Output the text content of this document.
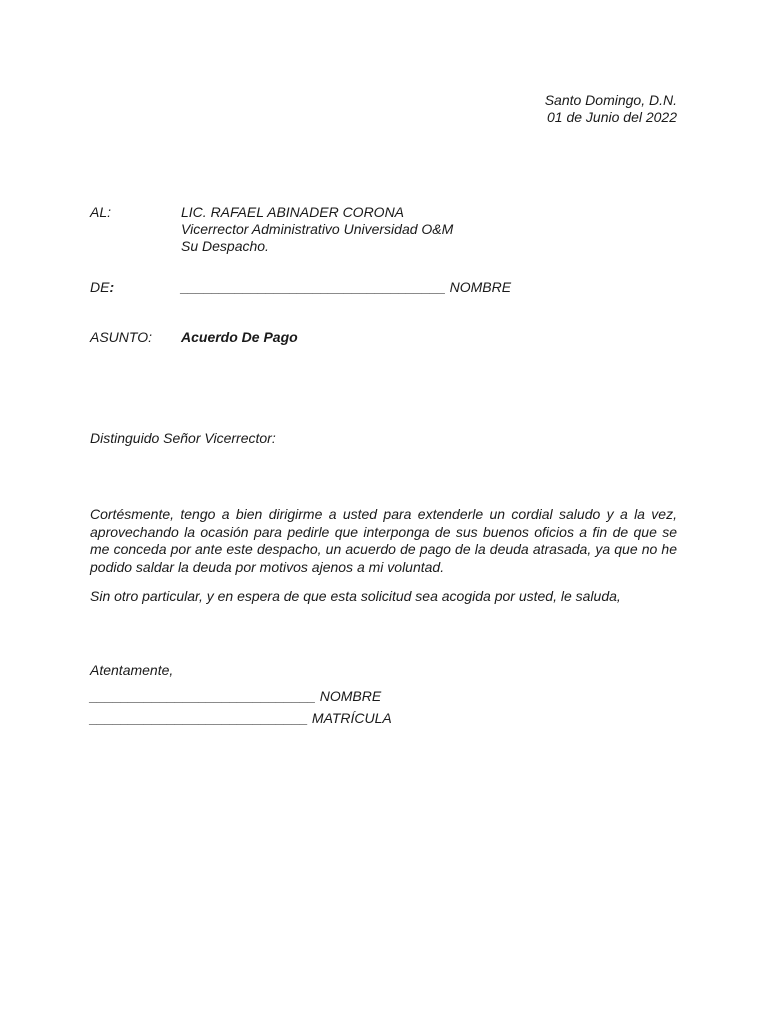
Santo Domingo, D.N.
01 de Junio del 2022
AL:	LIC. RAFAEL ABINADER CORONA
Vicerrector Administrativo Universidad O&M
Su Despacho.
DE:	__________________________________ NOMBRE
ASUNTO: Acuerdo De Pago
Distinguido Señor Vicerrector:

Cortésmente, tengo a bien dirigirme a usted para extenderle un cordial saludo y a la vez, aprovechando la ocasión para pedirle que interponga de sus buenos oficios a fin de que se me conceda por ante este despacho, un acuerdo de pago de la deuda atrasada, ya que no he podido saldar la deuda por motivos ajenos a mi voluntad.

Sin otro particular, y en espera de que esta solicitud sea acogida por usted, le saluda,
Atentamente,
_____________________________ NOMBRE
____________________________ MATRÍCULA
